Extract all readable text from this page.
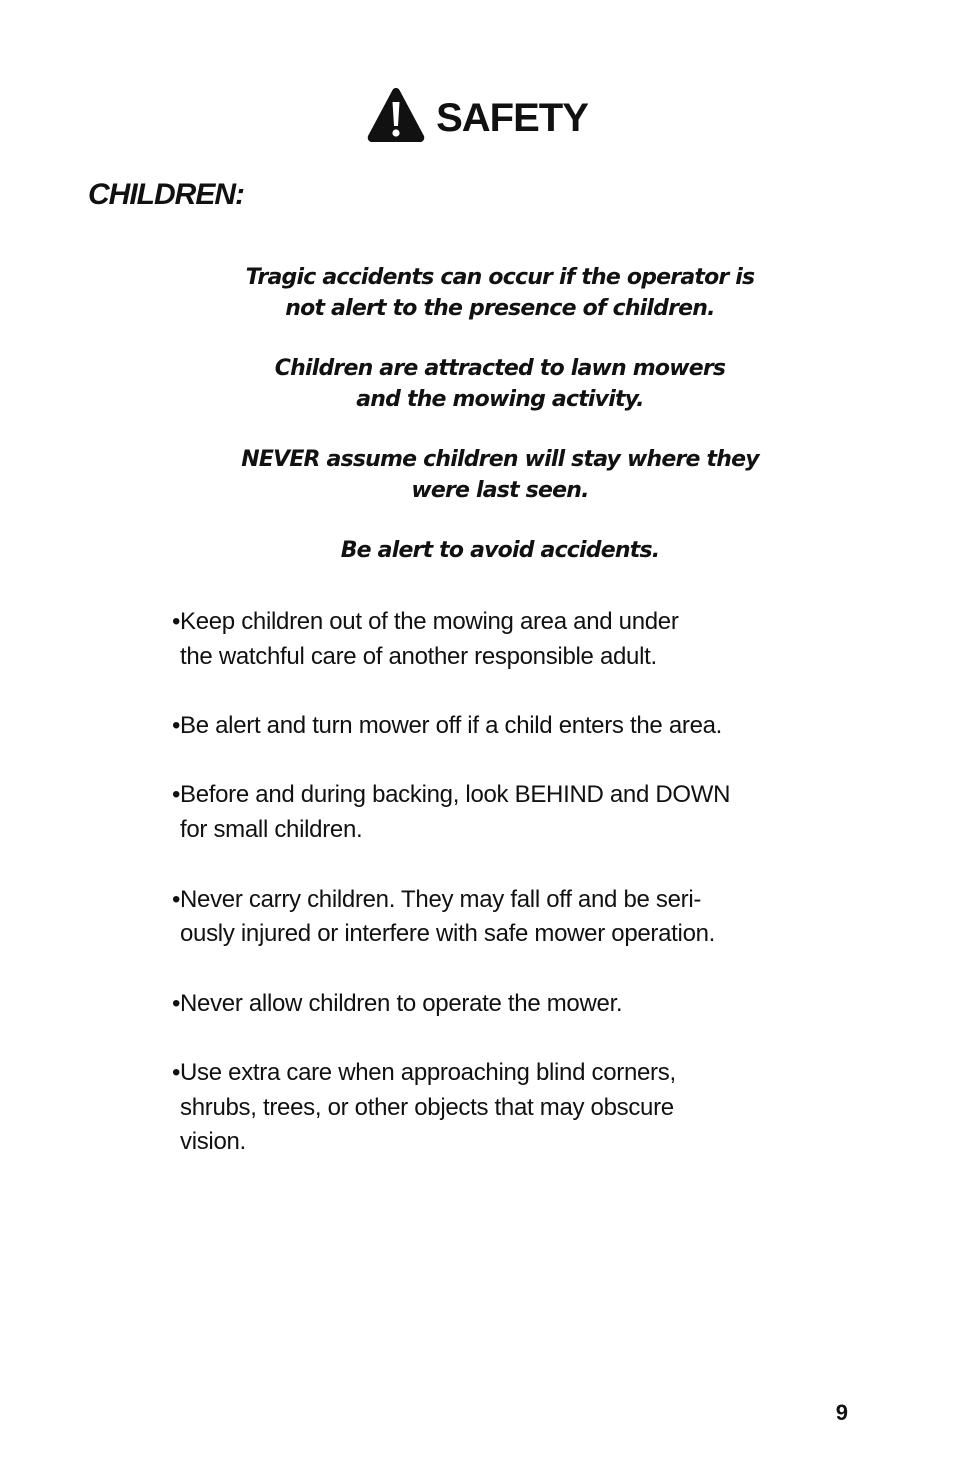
SAFETY
CHILDREN:

Tragic accidents can occur if the operator is
not alert to the presence of children.

Children are attracted to lawn mowers
and the mowing activity.

NEVER assume children will stay where they
were last seen.

Be alert to avoid accidents.

• Keep children out of the mowing area and under
the watchful care of another responsible adult.
• Be alert and turn mower off if a child enters the area.
• Before and during backing, look BEHIND and DOWN
for small children.
• Never carry children. They may fall off and be seri-
ously injured or interfere with safe mower operation.
• Never allow children to operate the mower.
• Use extra care when approaching blind corners,
shrubs, trees, or other objects that may obscure
vision.
9
